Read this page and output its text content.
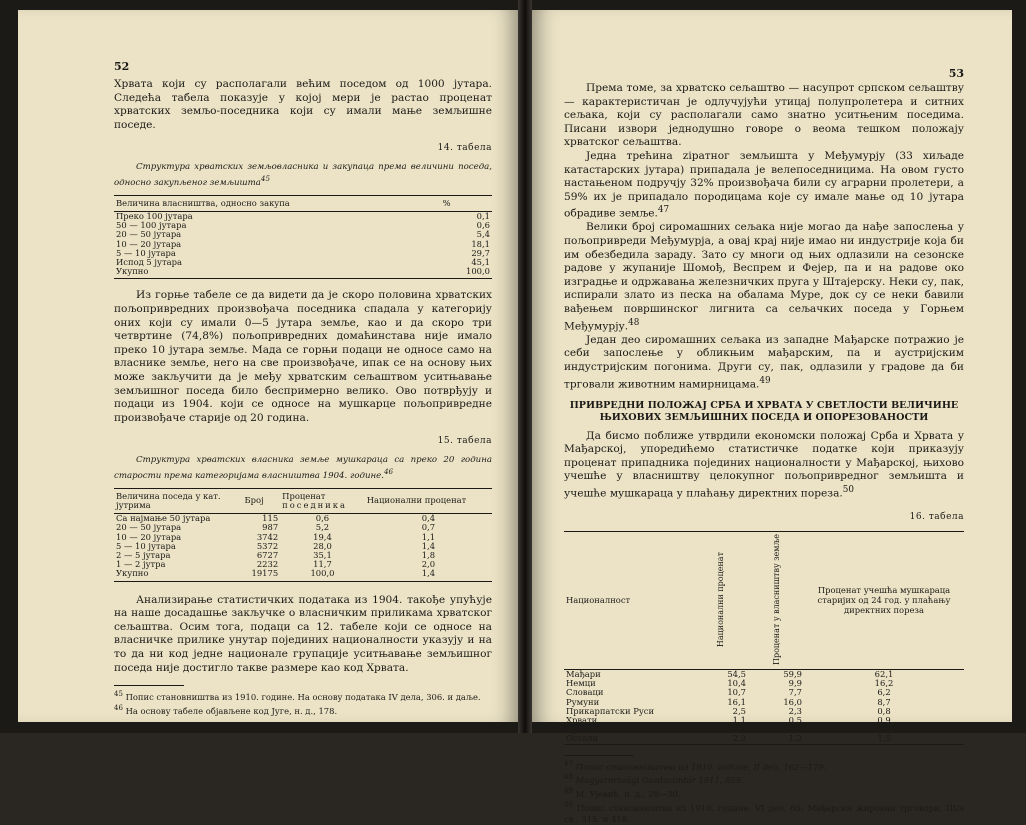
52

Хрвата који су располагали већим поседом од 1000 јутара. Следећа табела показује у којој мери је растао проценат хрватских земљо-поседника који су имали мање земљишне поседе.

14. табела
Структура хрватских земљовласника и закупаца према величини поседа, односно закупљеног земљишта$^{45}$
Величина власништва, односно закупа	%
Преко 100 јутара	0,1
50 — 100 јутара	0,6
20 — 50 јутара	5,4
10 — 20 јутара	18,1
5 — 10 јутара	29,7
Испод 5 јутара	45,1
Укупно	100,0

Из горње табеле се да видети да је скоро половина хрватских пољопривредних произвођача поседника спадала у категорију оних који су имали 0—5 јутара земље, као и да скоро три четвртине (74,8%) пољопривредних домаћинстава није имало преко 10 јутара земље. Мада се горњи подаци не односе само на власнике земље, него на све произвођаче, ипак се на основу њих може закључити да је међу хрватским сељаштвом уситњавање земљишног поседа било беспримерно велико. Ово потврђују и подаци из 1904. који се односе на мушкарце пољопривредне произвођаче старије од 20 година.

15. табела
Структура хрватских власника земље мушкараца са преко 20 година старости према категоријама власништва 1904. године.$^{46}$
Величина поседа у кат. јутрима	Број	Проценат
поседника	Национални проценат
Са најмање 50 јутара	115	0,6	0,4
20 — 50 јутара	987	5,2	0,7
10 — 20 јутара	3742	19,4	1,1
5 — 10 јутара	5372	28,0	1,4
2 — 5 јутара	6727	35,1	1,8
1 — 2 јутра	2232	11,7	2,0
Укупно	19175	100,0	1,4

Анализирање статистичких података из 1904. такође упућује на наше досадашње закључке о власничким приликама хрватског сељаштва. Осим тога, подаци са 12. табеле који се односе на власничке прилике унутар појединих националности указују и на то да ни код једне национале групације уситњавање земљишног поседа није достигло такве размере као код Хрвата.

$^{45}$ Попис становништва из 1910. године. На основу података IV дела, 306. и даље.
$^{46}$ На основу табеле објављене код Југе, н. д., 178.
53

Према томе, за хрватско сељаштво — насупрот српском сељаштву — карактеристичан је одлучујући утицај полупролетера и ситних сељака, који су располагали само знатно уситњеним поседима. Писани извори једнодушно говоре о веома тешком положају хрватског сељаштва.

Једна трећина ziратног земљишта у Међумурју (33 хиљаде катастарских јутара) припадала је велепоседницима. На овом густо настањеном подручју 32% произвођача били су аграрни пролетери, а 59% их је припадало породицама које су имале мање од 10 јутара обрадиве земље.$^{47}$

Велики број сиромашних сељака није могао да нађе запослења у пољопривреди Међумурја, а овај крај није имао ни индустрије која би им обезбедила зараду. Зато су многи од њих одлазили на сезонске радове у жупаније Шомођ, Веспрем и Фејер, па и на радове око изградње и одржавања железничких пруга у Штајерску. Неки су, пак, испирали злато из песка на обалама Муре, док су се неки бавили вађењем површинског лигнита са сељачких поседа у Горњем Међумурју.$^{48}$

Један део сиромашних сељака из западне Мађарске потражио је себи запослење у обликњим мађарским, па и аустријским индустријским погонима. Други су, пак, одлазили у градове да би трговали животним намирницама.$^{49}$

ПРИВРЕДНИ ПОЛОЖАЈ СРБА И ХРВАТА У СВЕТЛОСТИ ВЕЛИЧИНЕ ЊИХОВИХ ЗЕМЉИШНИХ ПОСЕДА И ОПОРЕЗОВАНОСТИ

Да бисмо поближе утврдили економски положај Срба и Хрвата у Мађарској, упоредићемо статистичке податке који приказују проценат припадника појединих националности у Мађарској, њихово учешће у власништву целокупног пољопривредног земљишта и учешће мушкараца у плаћању директних пореза.$^{50}$

16. табела
Националност	Национални проценат	Проценат у власништву земље	Проценат учешћа мушкараца старијих од 24 год. у плаћању директних пореза
Мађари	54,5	59,9	62,1
Немци	10,4	9,9	16,2
Словаци	10,7	7,7	6,2
Румуни	16,1	16,0	8,7
Прикарпатски Руси	2,5	2,3	0,8
Хрвати	1,1	0,5	0,9
Срби	2,5	2,5	3,5
Остали	2,2	1,2	1,5
$^{47}$ Попис становништва из 1910. године, II део, 162—179.
$^{48}$ Magyarországi Gazdacimtár 1911, 855.
$^{49}$ М. Ујевић, н. д., 28—30.
$^{50}$ Попис становништва из 1910. године, VI део, 60; Мађарски жировни трговори, III/а св., 315. и 418.
